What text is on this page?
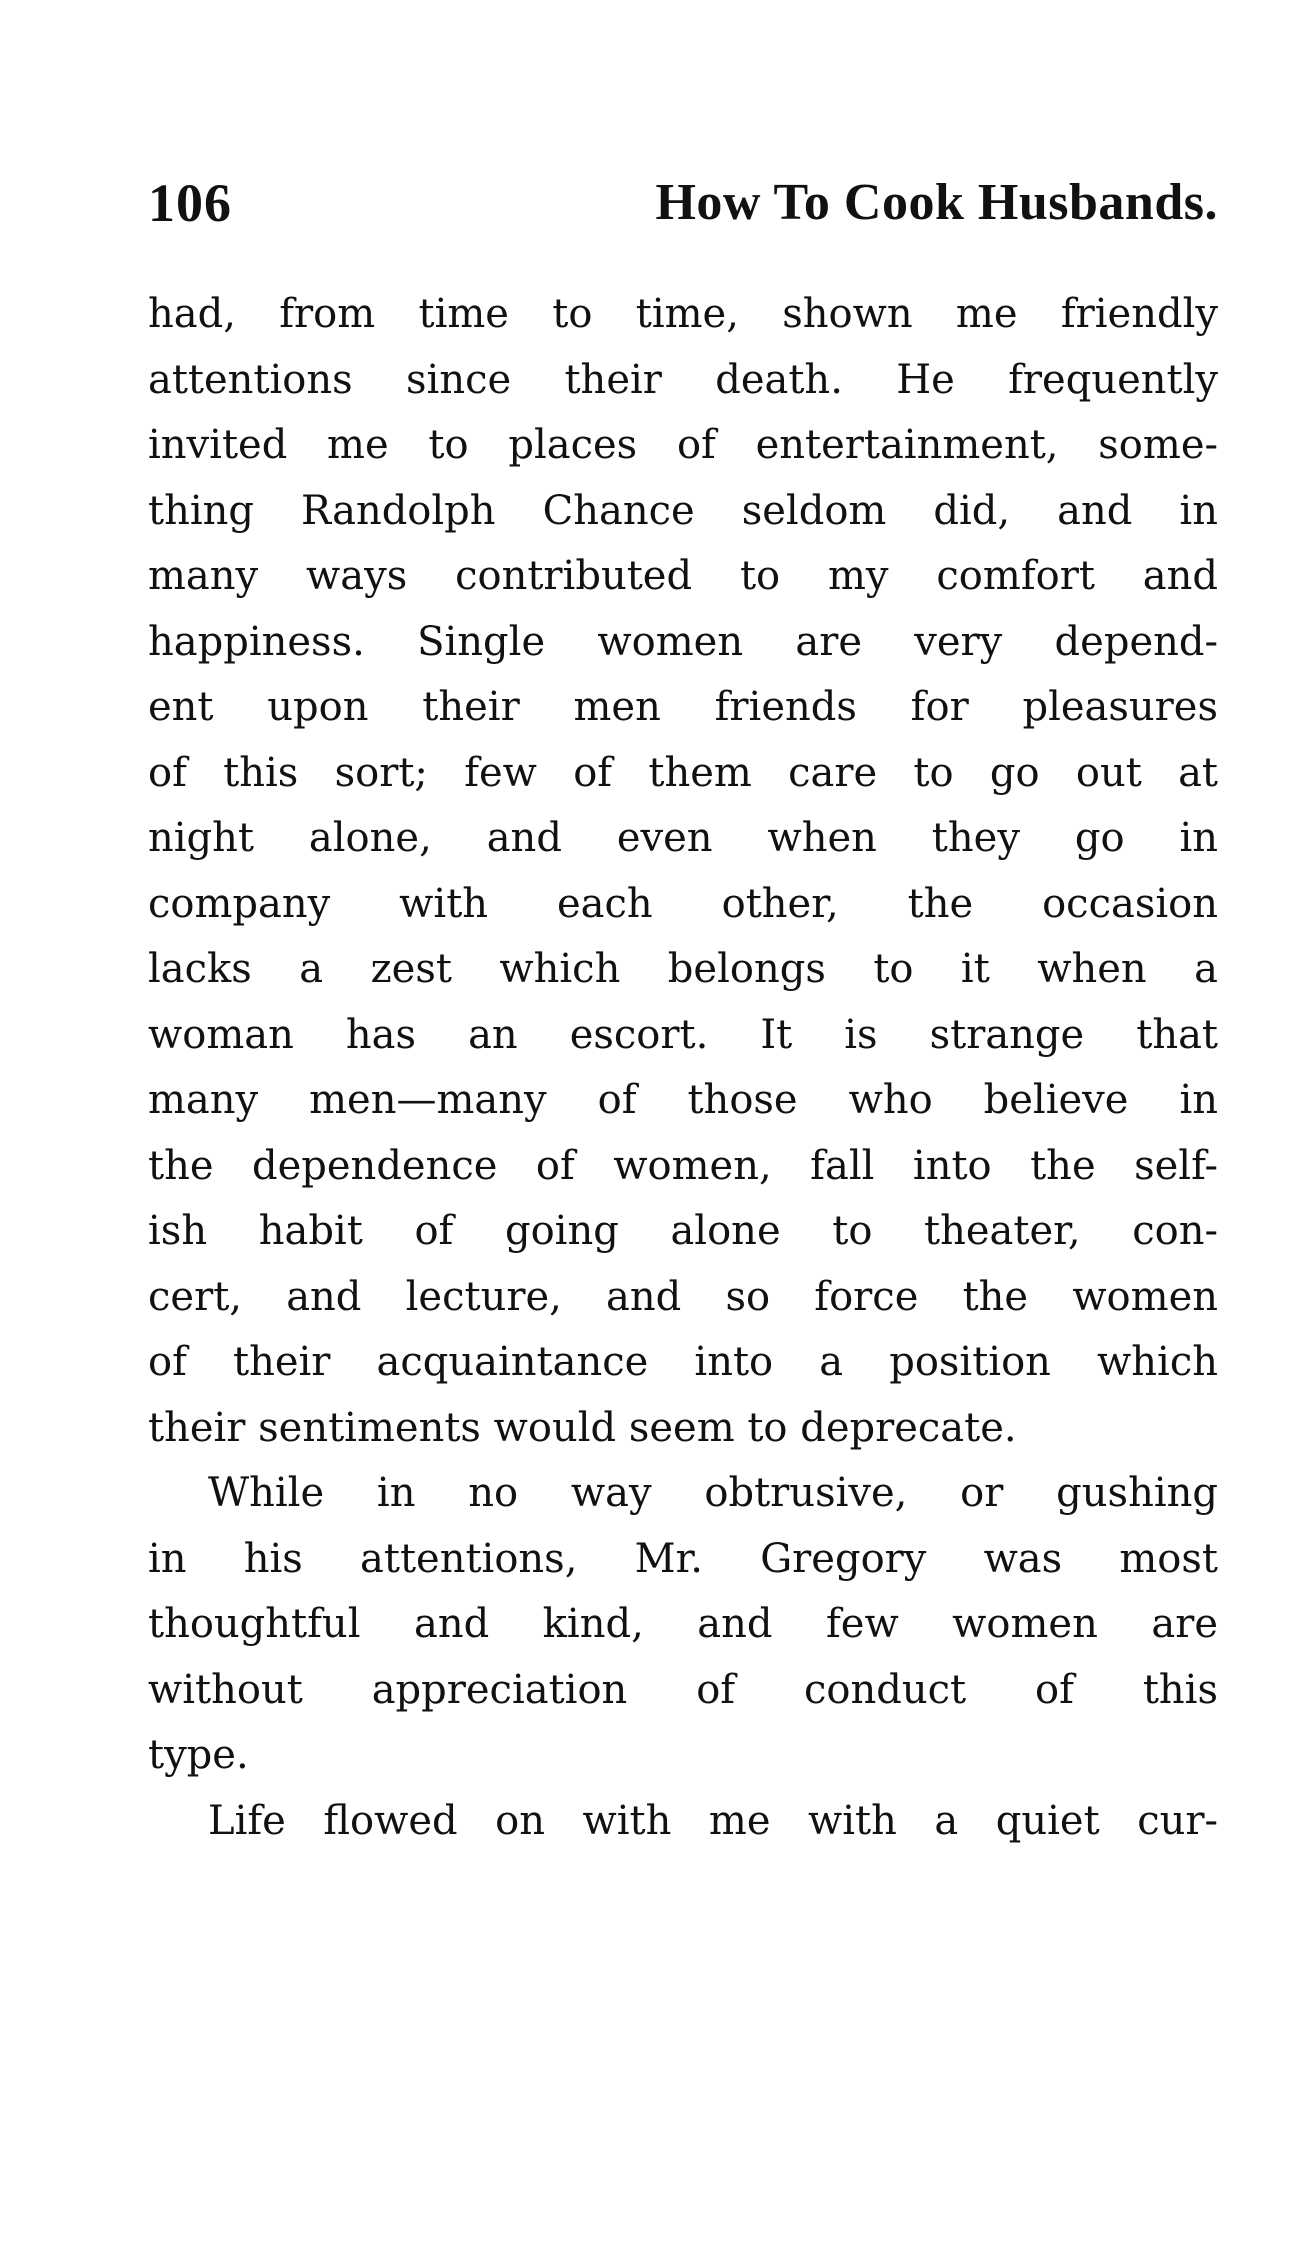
106	How To Cook Husbands.
had, from time to time, shown me friendly
attentions since their death. He frequently
invited me to places of entertainment, some-
thing Randolph Chance seldom did, and in
many ways contributed to my comfort and
happiness. Single women are very depend-
ent upon their men friends for pleasures
of this sort; few of them care to go out at
night alone, and even when they go in
company with each other, the occasion
lacks a zest which belongs to it when a
woman has an escort. It is strange that
many men—many of those who believe in
the dependence of women, fall into the self-
ish habit of going alone to theater, con-
cert, and lecture, and so force the women
of their acquaintance into a position which
their sentiments would seem to deprecate.
While in no way obtrusive, or gushing
in his attentions, Mr. Gregory was most
thoughtful and kind, and few women are
without appreciation of conduct of this
type.
Life flowed on with me with a quiet cur-
